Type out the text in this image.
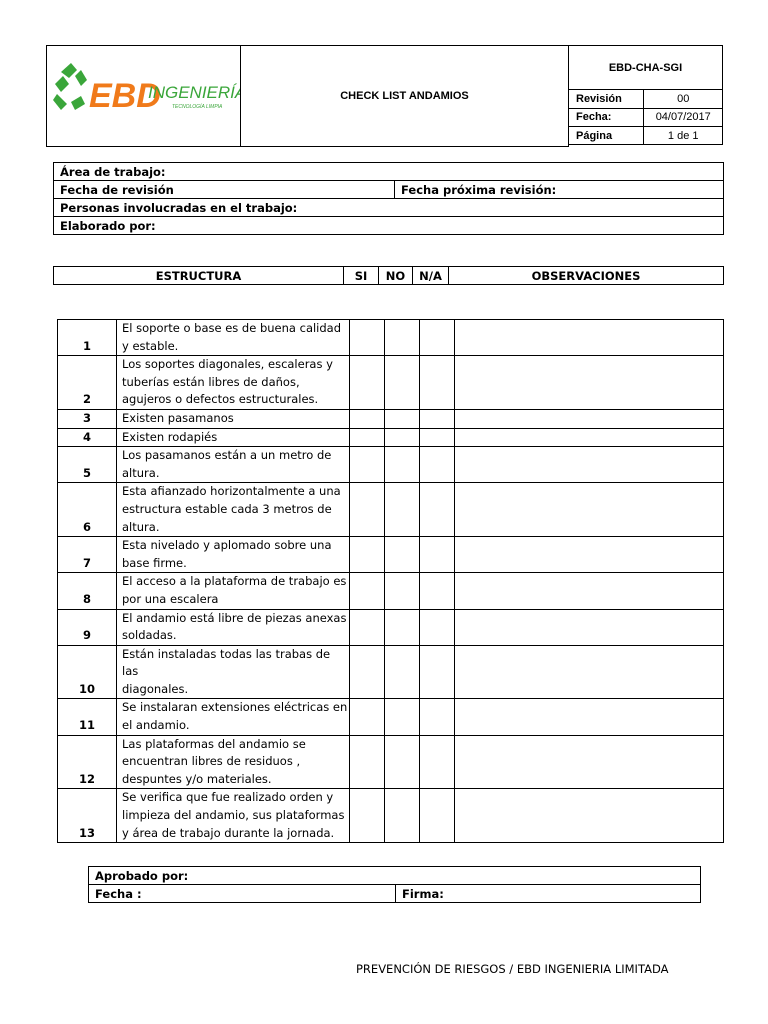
EBD
INGENIERÍA
TECNOLOGÍA LIMPIA	CHECK LIST ANDAMIOS	EBD-CHA-SGI	
		Revisión	00
		Fecha:	04/07/2017
		Página	1 de 1

Área de trabajo:
Fecha de revisión	Fecha próxima revisión:
Personas involucradas en el trabajo:
Elaborado por:
ESTRUCTURA	SI	NO	N/A	OBSERVACIONES
1	El soporte o base es de buena calidad
y estable.				

2	Los soportes diagonales, escaleras y
tuberías están libres de daños,
agujeros o defectos estructurales.				

3	Existen pasamanos				

4	Existen rodapiés				

5	Los pasamanos están a un metro de
altura.				

6	Esta afianzado horizontalmente a una
estructura estable cada 3 metros de
altura.				

7	Esta nivelado y aplomado sobre una
base firme.				

8	El acceso a la plataforma de trabajo es
por una escalera				

9	El andamio está libre de piezas anexas
soldadas.				

10	Están instaladas todas las trabas de las
diagonales.				

11	Se instalaran extensiones eléctricas en
el andamio.				

12	Las plataformas del andamio se
encuentran libres de residuos ,
despuntes y/o materiales.				

13	Se verifica que fue realizado orden y
limpieza del andamio, sus plataformas
y área de trabajo durante la jornada.				

Aprobado por:
Fecha :	Firma:
PREVENCIÓN DE RIESGOS / EBD INGENIERIA LIMITADA
